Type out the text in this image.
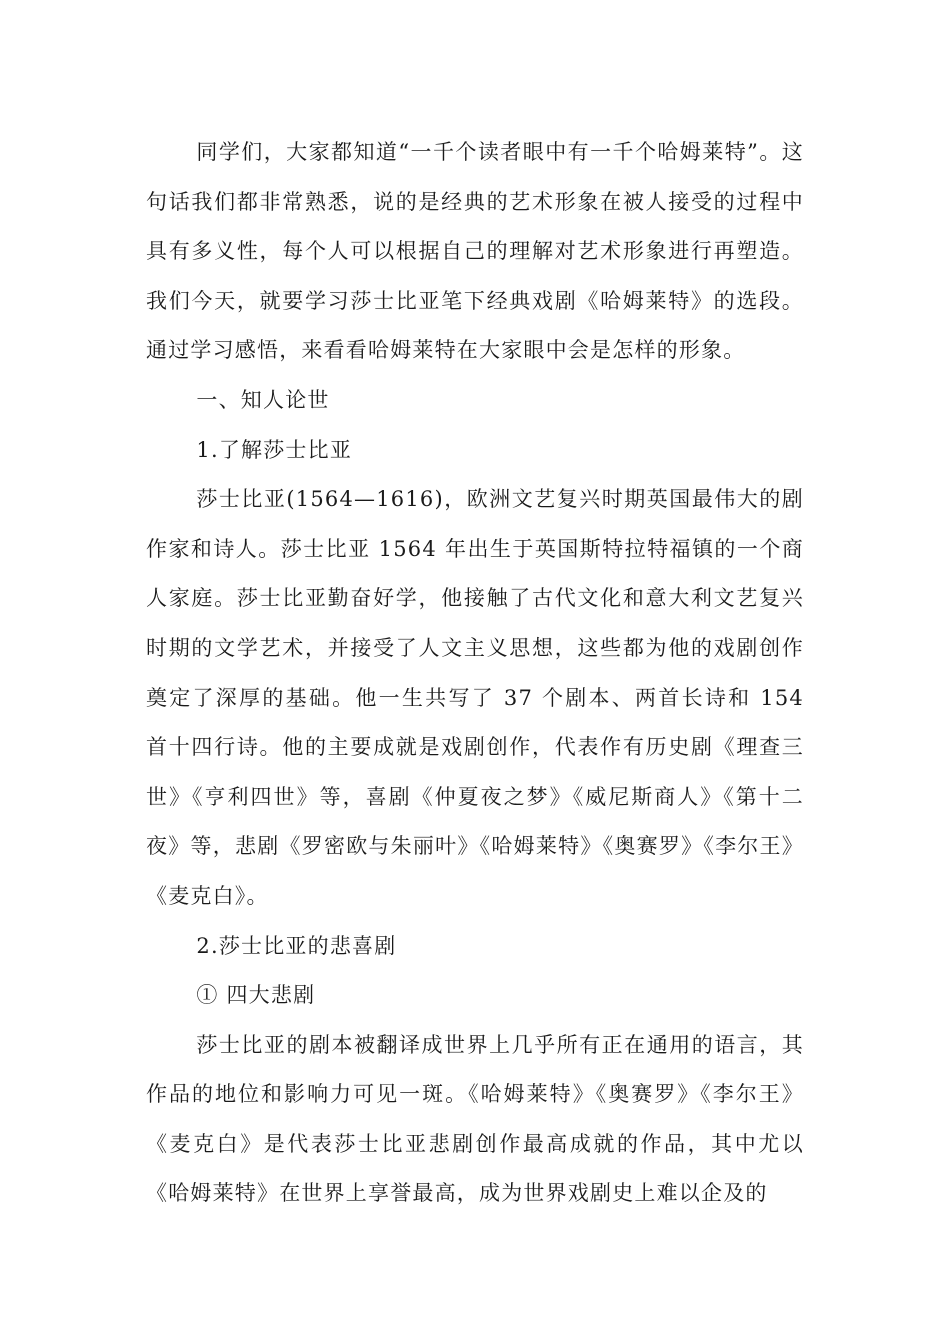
同学们，大家都知道“一千个读者眼中有一千个哈姆莱特”。这句话我们都非常熟悉，说的是经典的艺术形象在被人接受的过程中具有多义性，每个人可以根据自己的理解对艺术形象进行再塑造。我们今天，就要学习莎士比亚笔下经典戏剧《哈姆莱特》的选段。通过学习感悟，来看看哈姆莱特在大家眼中会是怎样的形象。

一、知人论世

1.了解莎士比亚

莎士比亚(1564—1616)，欧洲文艺复兴时期英国最伟大的剧作家和诗人。莎士比亚 1564 年出生于英国斯特拉特福镇的一个商人家庭。莎士比亚勤奋好学，他接触了古代文化和意大利文艺复兴时期的文学艺术，并接受了人文主义思想，这些都为他的戏剧创作奠定了深厚的基础。他一生共写了 37 个剧本、两首长诗和 154 首十四行诗。他的主要成就是戏剧创作，代表作有历史剧《理查三世》《亨利四世》等，喜剧《仲夏夜之梦》《威尼斯商人》《第十二夜》等，悲剧《罗密欧与朱丽叶》《哈姆莱特》《奥赛罗》《李尔王》《麦克白》。

2.莎士比亚的悲喜剧

① 四大悲剧

莎士比亚的剧本被翻译成世界上几乎所有正在通用的语言，其作品的地位和影响力可见一斑。《哈姆莱特》《奥赛罗》《李尔王》《麦克白》是代表莎士比亚悲剧创作最高成就的作品，其中尤以《哈姆莱特》在世界上享誉最高，成为世界戏剧史上难以企及的
